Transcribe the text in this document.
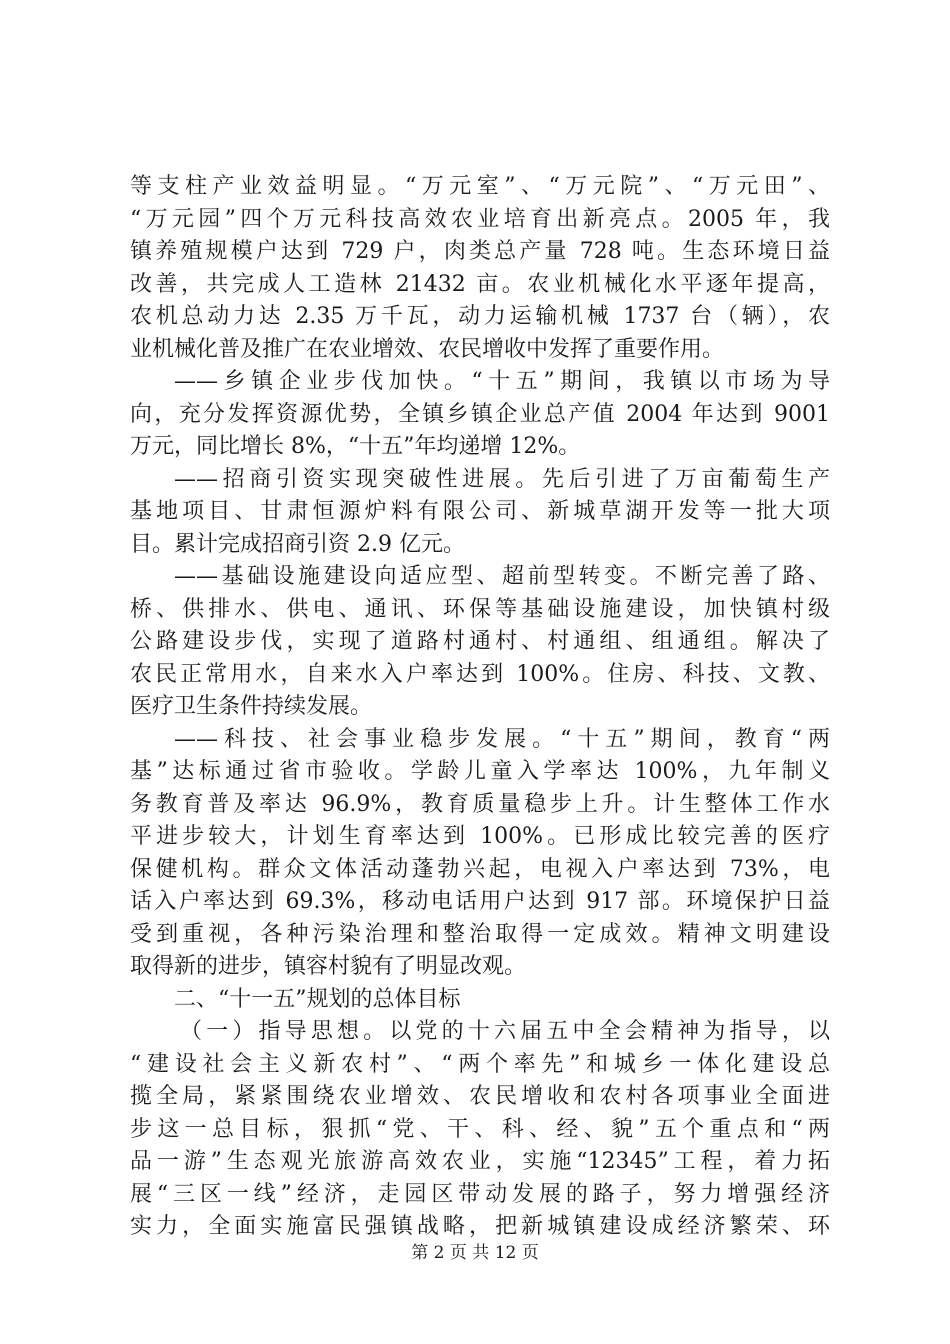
等支柱产业效益明显。“万元室”、“万元院”、“万元田”、
“万元园”四个万元科技高效农业培育出新亮点。2005 年，我
镇养殖规模户达到 729 户，肉类总产量 728 吨。生态环境日益
改善，共完成人工造林 21432 亩。农业机械化水平逐年提高，
农机总动力达 2.35 万千瓦，动力运输机械 1737 台（辆），农
业机械化普及推广在农业增效、农民增收中发挥了重要作用。
——乡镇企业步伐加快。“十五”期间，我镇以市场为导
向，充分发挥资源优势，全镇乡镇企业总产值 2004 年达到 9001
万元，同比增长 8%，“十五”年均递增 12%。
——招商引资实现突破性进展。先后引进了万亩葡萄生产
基地项目、甘肃恒源炉料有限公司、新城草湖开发等一批大项
目。累计完成招商引资 2.9 亿元。
——基础设施建设向适应型、超前型转变。不断完善了路、
桥、供排水、供电、通讯、环保等基础设施建设，加快镇村级
公路建设步伐，实现了道路村通村、村通组、组通组。解决了
农民正常用水，自来水入户率达到 100%。住房、科技、文教、
医疗卫生条件持续发展。
——科技、社会事业稳步发展。“十五”期间，教育“两
基”达标通过省市验收。学龄儿童入学率达 100%，九年制义
务教育普及率达 96.9%，教育质量稳步上升。计生整体工作水
平进步较大，计划生育率达到 100%。已形成比较完善的医疗
保健机构。群众文体活动蓬勃兴起，电视入户率达到 73%，电
话入户率达到 69.3%，移动电话用户达到 917 部。环境保护日益
受到重视，各种污染治理和整治取得一定成效。精神文明建设
取得新的进步，镇容村貌有了明显改观。
二、“十一五”规划的总体目标
（一）指导思想。以党的十六届五中全会精神为指导，以
“建设社会主义新农村”、“两个率先”和城乡一体化建设总
揽全局，紧紧围绕农业增效、农民增收和农村各项事业全面进
步这一总目标，狠抓“党、干、科、经、貌”五个重点和“两
品一游”生态观光旅游高效农业，实施“12345”工程，着力拓
展“三区一线”经济，走园区带动发展的路子，努力增强经济
实力，全面实施富民强镇战略，把新城镇建设成经济繁荣、环
第 2 页 共 12 页
